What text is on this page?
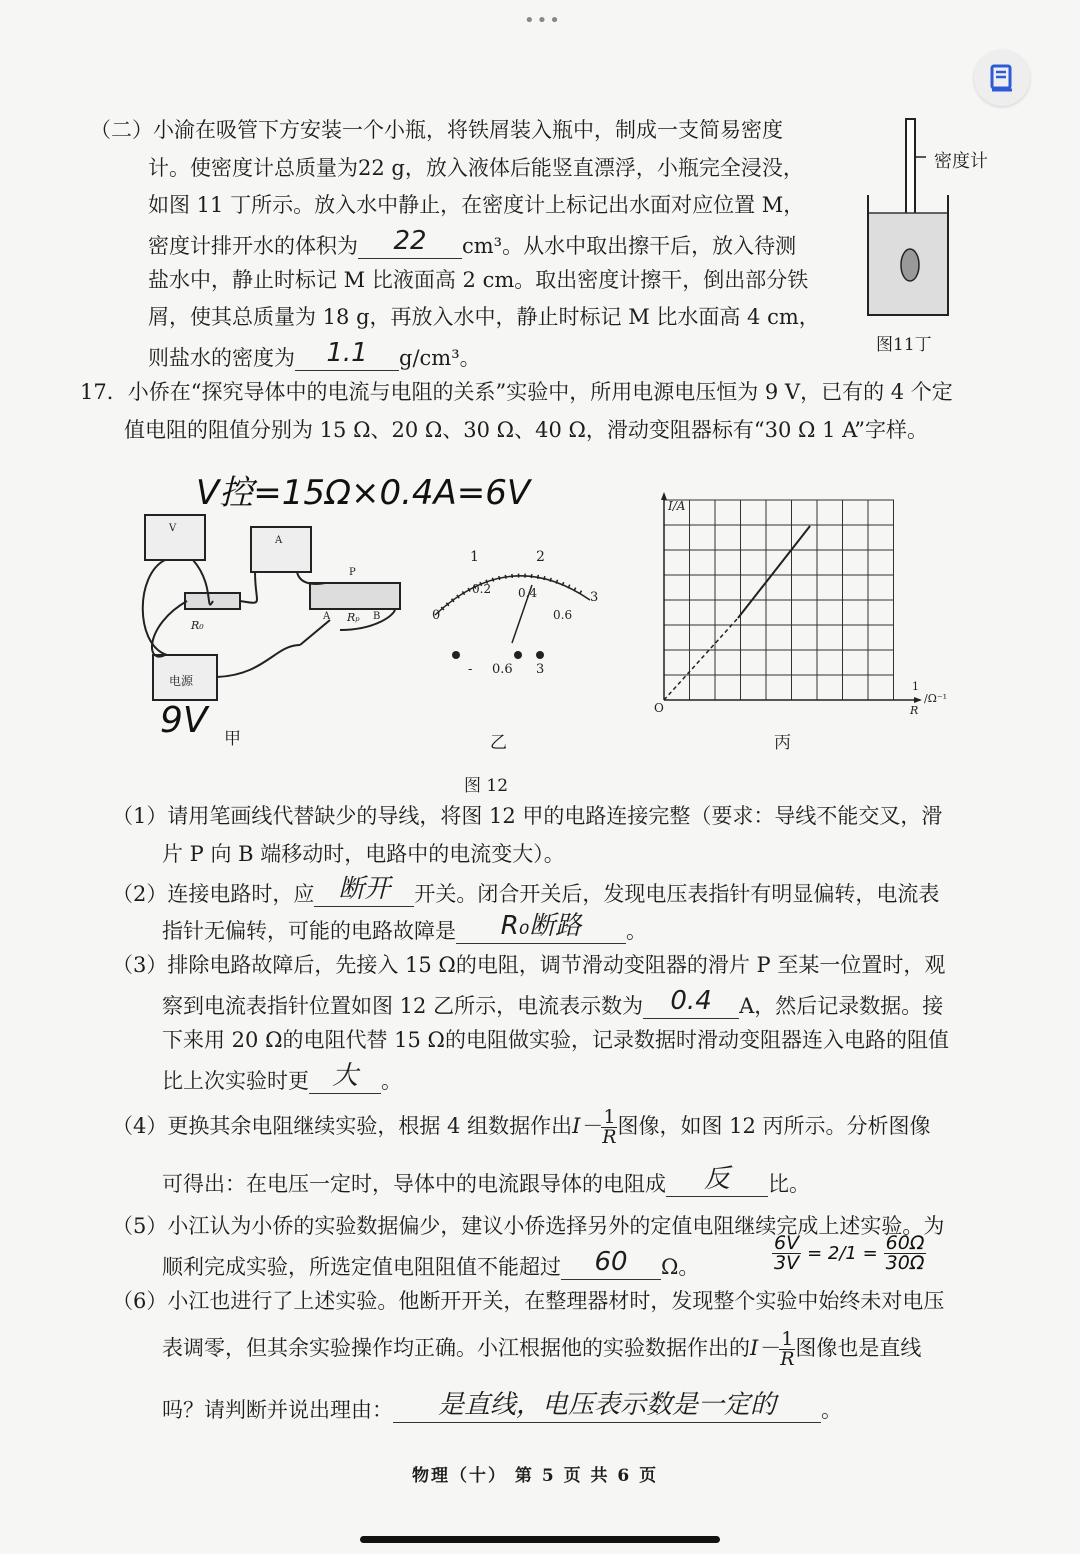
•••
（二）小渝在吸管下方安装一个小瓶，将铁屑装入瓶中，制成一支简易密度
计。使密度计总质量为22 g，放入液体后能竖直漂浮，小瓶完全浸没，
如图 11 丁所示。放入水中静止，在密度计上标记出水面对应位置 M，
密度计排开水的体积为 22 cm³。从水中取出擦干后，放入待测
盐水中，静止时标记 M 比液面高 2 cm。取出密度计擦干，倒出部分铁
屑，使其总质量为 18 g，再放入水中，静止时标记 M 比水面高 4 cm，
则盐水的密度为 1.1 g/cm³。
密度计
图11丁
17．小侨在“探究导体中的电流与电阻的关系”实验中，所用电源电压恒为 9 V，已有的 4 个定
值电阻的阻值分别为 15 Ω、20 Ω、30 Ω、40 Ω，滑动变阻器标有“30 Ω 1 A”字样。
V控=15Ω×0.4A=6V
9V
V
A
R₀
Rₚ
P
A	B
电源
甲
1	2
0
0.2 0.4
0.6
3
- 0.6 3
乙
I/A
O
1
R
/Ω⁻¹
丙
图 12
（1）请用笔画线代替缺少的导线，将图 12 甲的电路连接完整（要求：导线不能交叉，滑
片 P 向 B 端移动时，电路中的电流变大）。
（2）连接电路时，应 断开 开关。闭合开关后，发现电压表指针有明显偏转，电流表
指针无偏转，可能的电路故障是 R₀断路 。
（3）排除电路故障后，先接入 15 Ω的电阻，调节滑动变阻器的滑片 P 至某一位置时，观
察到电流表指针位置如图 12 乙所示，电流表示数为 0.4 A，然后记录数据。接
下来用 20 Ω的电阻代替 15 Ω的电阻做实验，记录数据时滑动变阻器连入电路的阻值
比上次实验时更 大 。
（4）更换其余电阻继续实验，根据 4 组数据作出$I- \frac{1}{R}$ 图像，如图 12 丙所示。分析图像
可得出：在电压一定时，导体中的电流跟导体的电阻成 反 比。
（5）小江认为小侨的实验数据偏少，建议小侨选择另外的定值电阻继续完成上述实验。为
顺利完成实验，所选定值电阻阻值不能超过 60 Ω。	$\frac{6V}{3V} = 2/1 = \frac{60\Omega}{30\Omega}$
（6）小江也进行了上述实验。他断开开关，在整理器材时，发现整个实验中始终未对电压
表调零，但其余实验操作均正确。小江根据他的实验数据作出的$I- \frac{1}{R}$ 图像也是直线
吗？请判断并说出理由： 是直线，电压表示数是一定的 。
物理（十） 第 5 页 共 6 页
